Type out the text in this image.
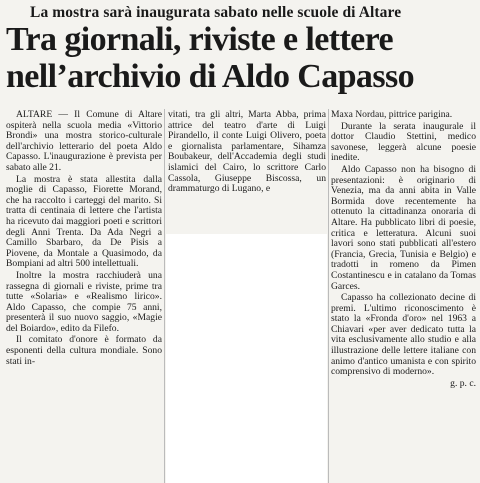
La mostra sarà inaugurata sabato nelle scuole di Altare
Tra giornali, riviste e lettere
nell’archivio di Aldo Capasso

ALTARE — Il Comune di Altare ospiterà nella scuola media «Vittorio Brondi» una mostra storico-culturale dell'archivio letterario del poeta Aldo Capasso. L'inaugurazione è prevista per sabato alle 21.

La mostra è stata allestita dalla moglie di Capasso, Fiorette Morand, che ha raccolto i carteggi del marito. Si tratta di centinaia di lettere che l'artista ha ricevuto dai maggiori poeti e scrittori degli Anni Trenta. Da Ada Negri a Camillo Sbarbaro, da De Pisis a Piovene, da Montale a Quasimodo, da Bompiani ad altri 500 intellettuali.

Inoltre la mostra racchiuderà una rassegna di giornali e riviste, prime tra tutte «Solaria» e «Realismo lirico». Aldo Capasso, che compie 75 anni, presenterà il suo nuovo saggio, «Magie del Boiardo», edito da Filefo.

Il comitato d'onore è formato da esponenti della cultura mondiale. Sono stati in-

vitati, tra gli altri, Marta Abba, prima attrice del teatro d'arte di Luigi Pirandello, il conte Luigi Olivero, poeta e giornalista parlamentare, Sihamza Boubakeur, dell'Accademia degli studi islamici del Cairo, lo scrittore Carlo Cassola, Giuseppe Biscossa, un drammaturgo di Lugano, e

Maxa Nordau, pittrice parigina.

Durante la serata inaugurale il dottor Claudio Stettini, medico savonese, leggerà alcune poesie inedite.

Aldo Capasso non ha bisogno di presentazioni: è originario di Venezia, ma da anni abita in Valle Bormida dove recentemente ha ottenuto la cittadinanza onoraria di Altare. Ha pubblicato libri di poesie, critica e letteratura. Alcuni suoi lavori sono stati pubblicati all'estero (Francia, Grecia, Tunisia e Belgio) e tradotti in romeno da Pimen Costantinescu e in catalano da Tomas Garces.

Capasso ha collezionato decine di premi. L'ultimo riconoscimento è stato la «Fronda d'oro» nel 1963 a Chiavari «per aver dedicato tutta la vita esclusivamente allo studio e alla illustrazione delle lettere italiane con animo d'antico umanista e con spirito comprensivo di moderno».

g. p. c.
